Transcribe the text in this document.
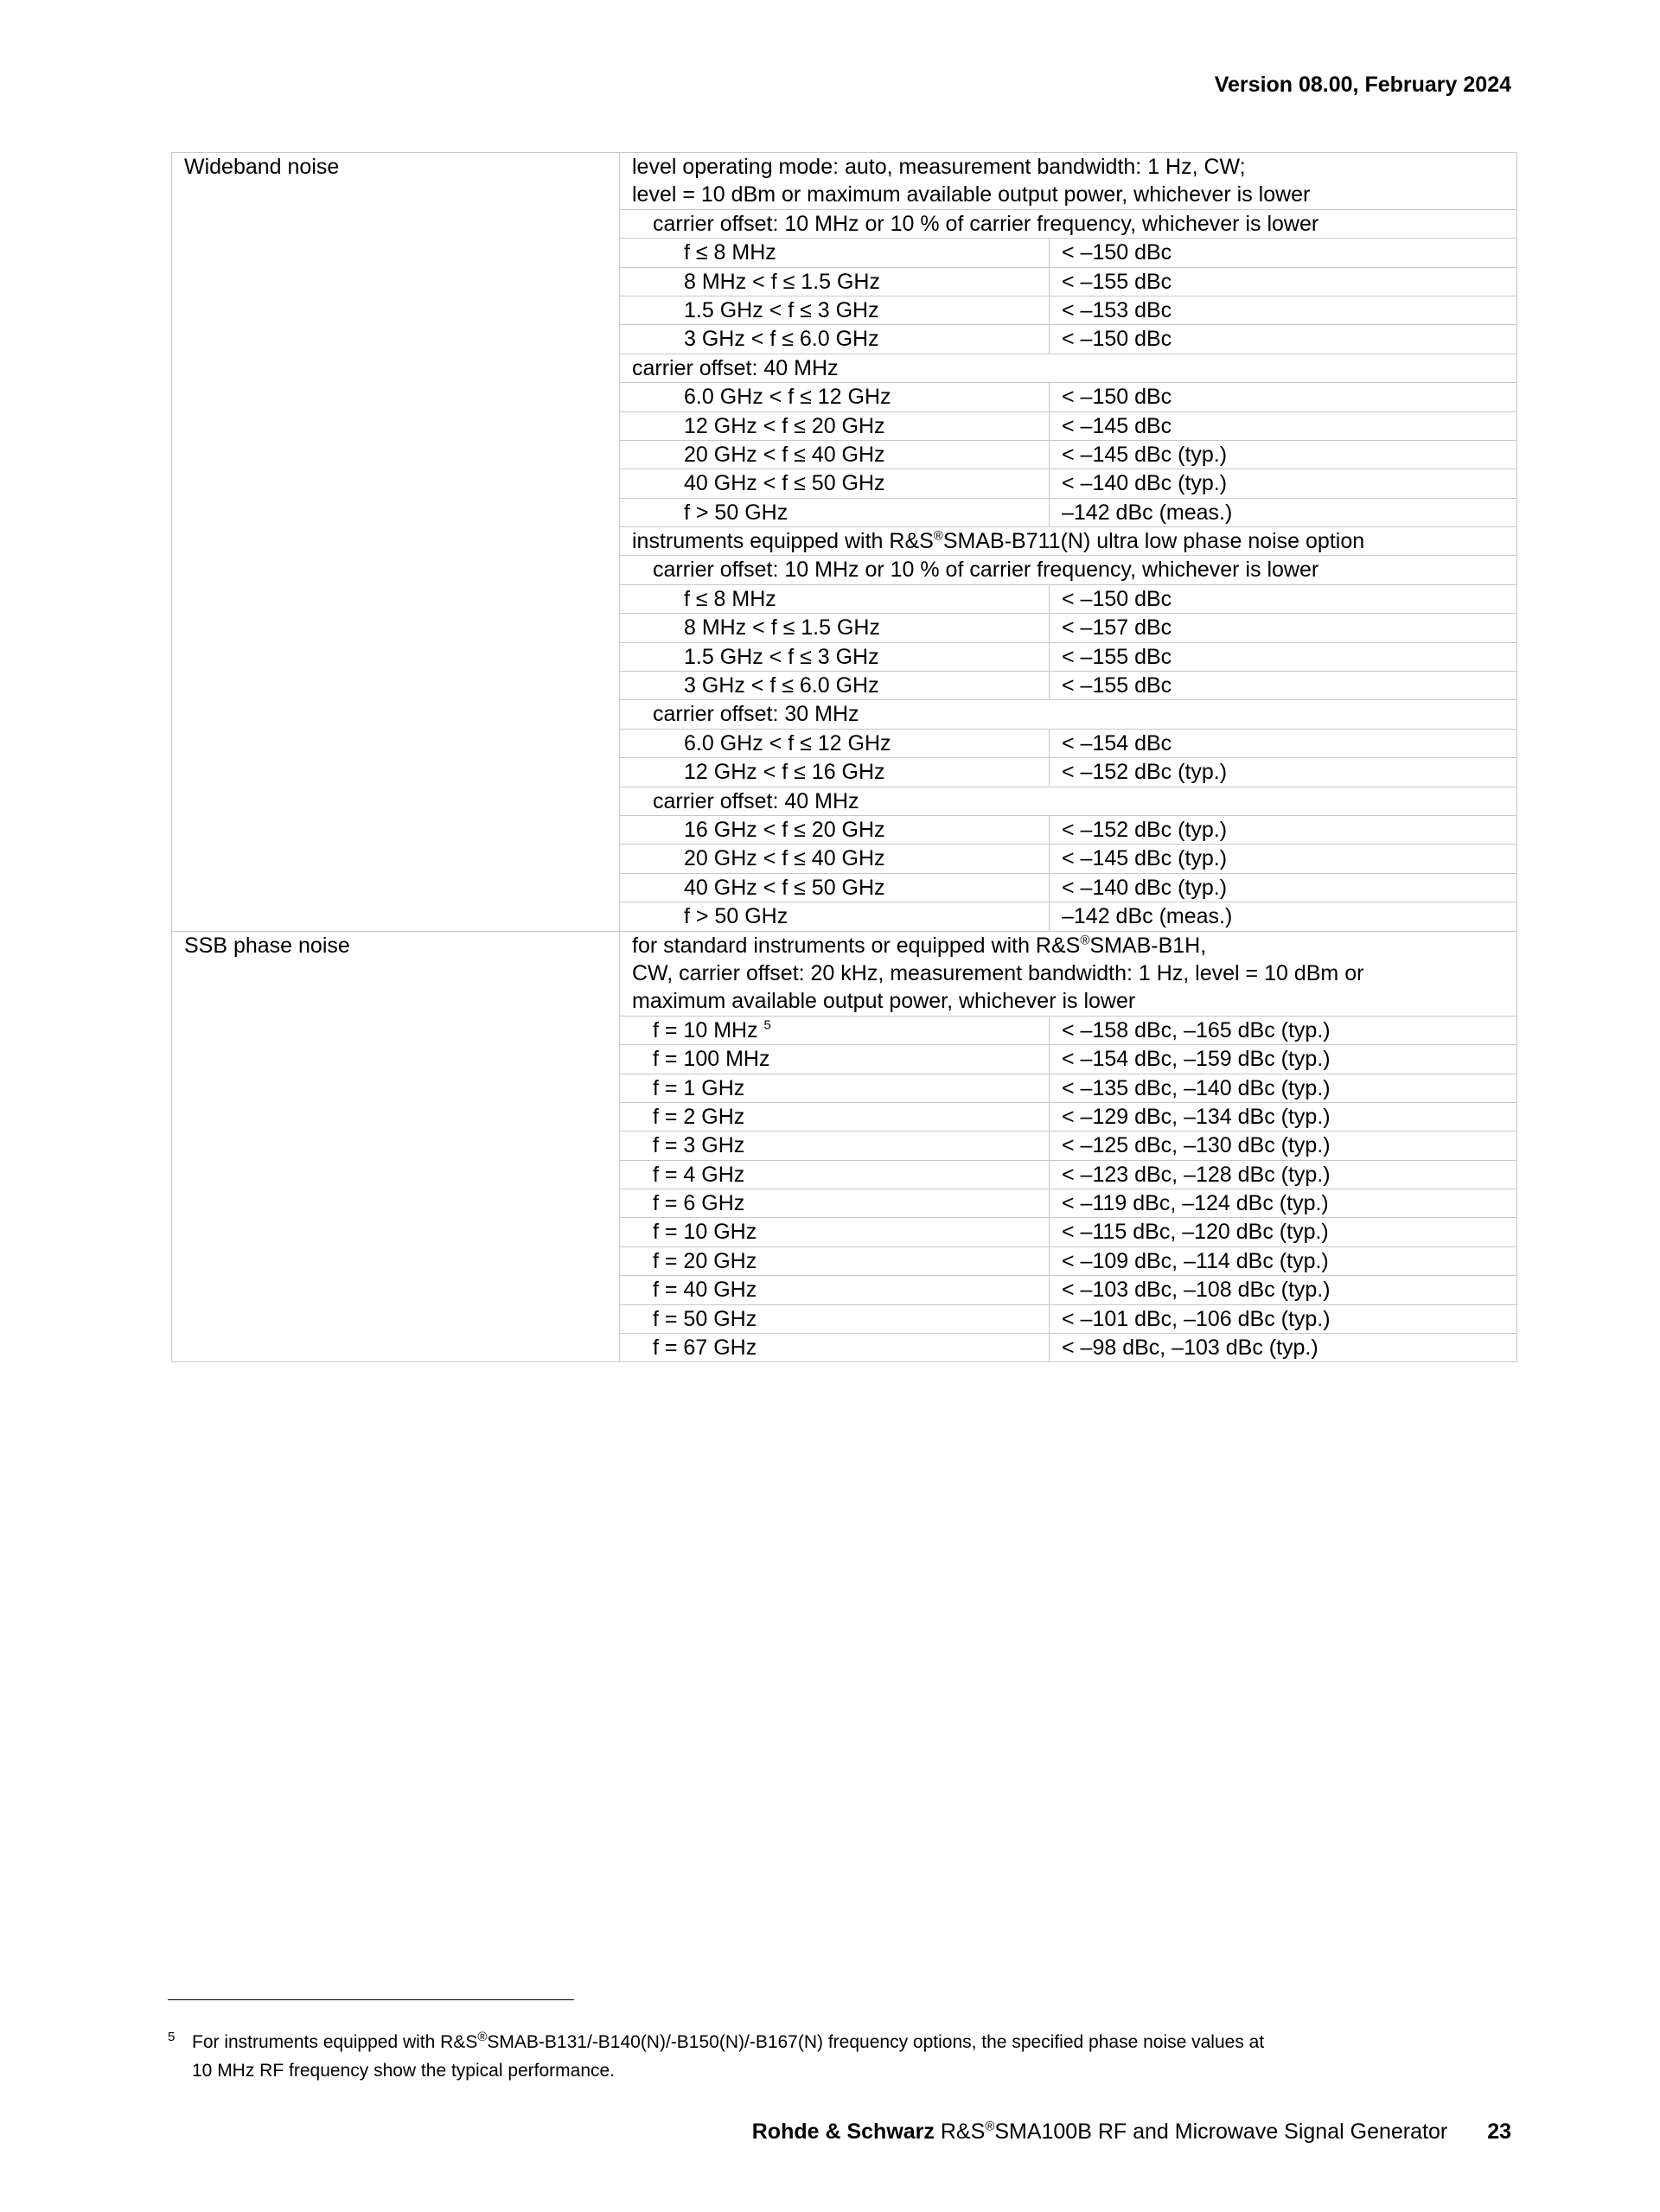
Version 08.00, February 2024
Wideband noise	level operating mode: auto, measurement bandwidth: 1 Hz, CW;	
	level = 10 dBm or maximum available output power, whichever is lower	
	carrier offset: 10 MHz or 10 % of carrier frequency, whichever is lower	
	f ≤ 8 MHz	< –150 dBc
	8 MHz < f ≤ 1.5 GHz	< –155 dBc
	1.5 GHz < f ≤ 3 GHz	< –153 dBc
	3 GHz < f ≤ 6.0 GHz	< –150 dBc
	carrier offset: 40 MHz	
	6.0 GHz < f ≤ 12 GHz	< –150 dBc
	12 GHz < f ≤ 20 GHz	< –145 dBc
	20 GHz < f ≤ 40 GHz	< –145 dBc (typ.)
	40 GHz < f ≤ 50 GHz	< –140 dBc (typ.)
	f > 50 GHz	–142 dBc (meas.)
	instruments equipped with R&S®SMAB-B711(N) ultra low phase noise option	
	carrier offset: 10 MHz or 10 % of carrier frequency, whichever is lower	
	f ≤ 8 MHz	< –150 dBc
	8 MHz < f ≤ 1.5 GHz	< –157 dBc
	1.5 GHz < f ≤ 3 GHz	< –155 dBc
	3 GHz < f ≤ 6.0 GHz	< –155 dBc
	carrier offset: 30 MHz	
	6.0 GHz < f ≤ 12 GHz	< –154 dBc
	12 GHz < f ≤ 16 GHz	< –152 dBc (typ.)
	carrier offset: 40 MHz	
	16 GHz < f ≤ 20 GHz	< –152 dBc (typ.)
	20 GHz < f ≤ 40 GHz	< –145 dBc (typ.)
	40 GHz < f ≤ 50 GHz	< –140 dBc (typ.)
	f > 50 GHz	–142 dBc (meas.)
SSB phase noise	for standard instruments or equipped with R&S®SMAB-B1H,	
	CW, carrier offset: 20 kHz, measurement bandwidth: 1 Hz, level = 10 dBm or	
	maximum available output power, whichever is lower	
	f = 10 MHz $^5$	< –158 dBc, –165 dBc (typ.)
	f = 100 MHz	< –154 dBc, –159 dBc (typ.)
	f = 1 GHz	< –135 dBc, –140 dBc (typ.)
	f = 2 GHz	< –129 dBc, –134 dBc (typ.)
	f = 3 GHz	< –125 dBc, –130 dBc (typ.)
	f = 4 GHz	< –123 dBc, –128 dBc (typ.)
	f = 6 GHz	< –119 dBc, –124 dBc (typ.)
	f = 10 GHz	< –115 dBc, –120 dBc (typ.)
	f = 20 GHz	< –109 dBc, –114 dBc (typ.)
	f = 40 GHz	< –103 dBc, –108 dBc (typ.)
	f = 50 GHz	< –101 dBc, –106 dBc (typ.)
	f = 67 GHz	< –98 dBc, –103 dBc (typ.)
5 For instruments equipped with R&S®SMAB-B131/-B140(N)/-B150(N)/-B167(N) frequency options, the specified phase noise values at
10 MHz RF frequency show the typical performance.
Rohde & Schwarz R&S®SMA100B RF and Microwave Signal Generator 23
